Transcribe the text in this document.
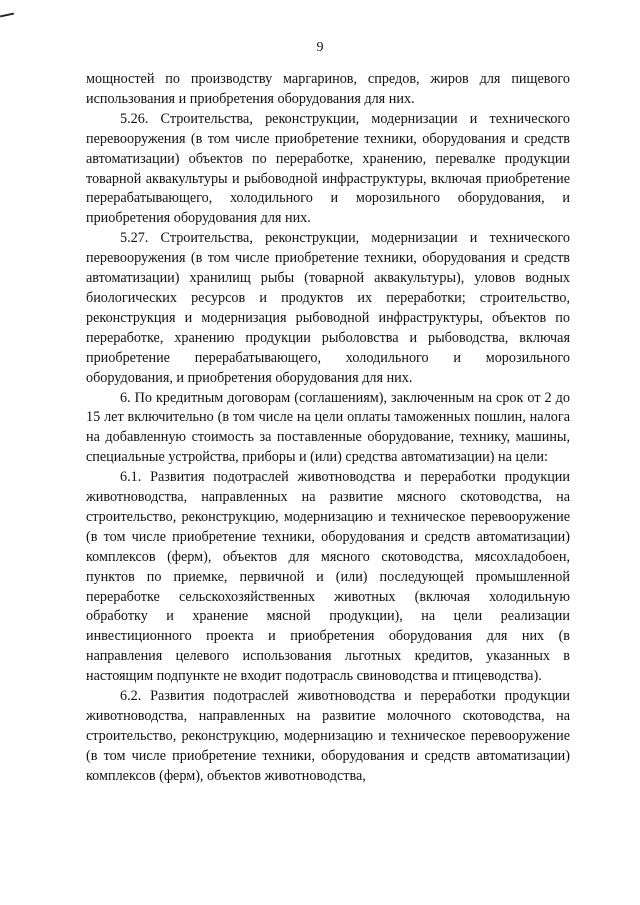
9

мощностей по производству маргаринов, спредов, жиров для пищевого использования и приобретения оборудования для них.

5.26. Строительства, реконструкции, модернизации и технического перевооружения (в том числе приобретение техники, оборудования и средств автоматизации) объектов по переработке, хранению, перевалке продукции товарной аквакультуры и рыбоводной инфраструктуры, включая приобретение перерабатывающего, холодильного и морозильного оборудования, и приобретения оборудования для них.

5.27. Строительства, реконструкции, модернизации и технического перевооружения (в том числе приобретение техники, оборудования и средств автоматизации) хранилищ рыбы (товарной аквакультуры), уловов водных биологических ресурсов и продуктов их переработки; строительство, реконструкция и модернизация рыбоводной инфраструктуры, объектов по переработке, хранению продукции рыболовства и рыбоводства, включая приобретение перерабатывающего, холодильного и морозильного оборудования, и приобретения оборудования для них.

6. По кредитным договорам (соглашениям), заключенным на срок от 2 до 15 лет включительно (в том числе на цели оплаты таможенных пошлин, налога на добавленную стоимость за поставленные оборудование, технику, машины, специальные устройства, приборы и (или) средства автоматизации) на цели:

6.1. Развития подотраслей животноводства и переработки продукции животноводства, направленных на развитие мясного скотоводства, на строительство, реконструкцию, модернизацию и техническое перевооружение (в том числе приобретение техники, оборудования и средств автоматизации) комплексов (ферм), объектов для мясного скотоводства, мясохладобоен, пунктов по приемке, первичной и (или) последующей промышленной переработке сельскохозяйственных животных (включая холодильную обработку и хранение мясной продукции), на цели реализации инвестиционного проекта и приобретения оборудования для них (в направления целевого использования льготных кредитов, указанных в настоящим подпункте не входит подотрасль свиноводства и птицеводства).

6.2. Развития подотраслей животноводства и переработки продукции животноводства, направленных на развитие молочного скотоводства, на строительство, реконструкцию, модернизацию и техническое перевооружение (в том числе приобретение техники, оборудования и средств автоматизации) комплексов (ферм), объектов животноводства,
